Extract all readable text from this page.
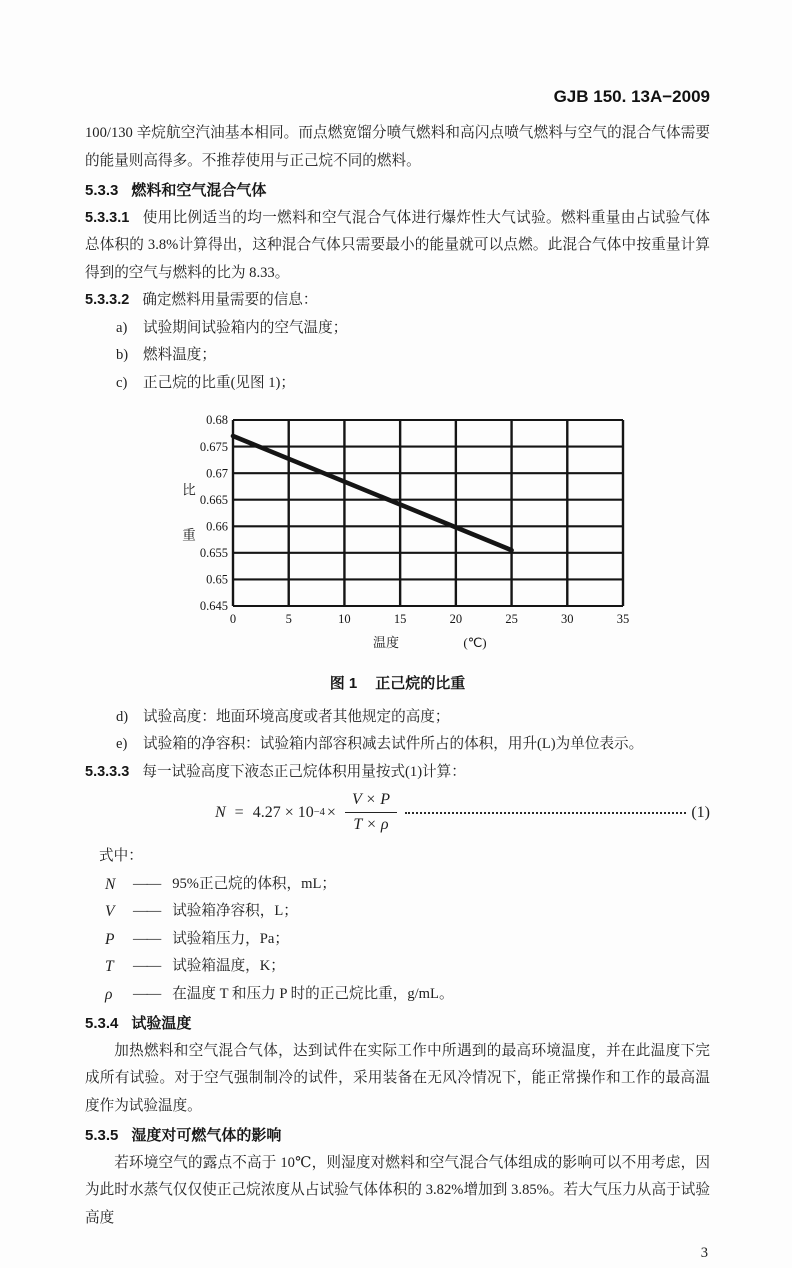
GJB 150. 13A−2009

100/130 辛烷航空汽油基本相同。而点燃宽馏分喷气燃料和高闪点喷气燃料与空气的混合气体需要的能量则高得多。不推荐使用与正己烷不同的燃料。

5.3.3 燃料和空气混合气体

5.3.3.1 使用比例适当的均一燃料和空气混合气体进行爆炸性大气试验。燃料重量由占试验气体总体积的 3.8%计算得出，这种混合气体只需要最小的能量就可以点燃。此混合气体中按重量计算得到的空气与燃料的比为 8.33。

5.3.3.2 确定燃料用量需要的信息：

a)	试验期间试验箱内的空气温度；
b)	燃料温度；
c)	正己烷的比重(见图 1)；
0.645
0.65
0.655
0.66
0.665
0.67
0.675
0.68
0	5	10	15	20	25	30	35
比
重
温度	(℃)
图 1 正己烷的比重
d)	试验高度：地面环境高度或者其他规定的高度；
e)	试验箱的净容积：试验箱内部容积减去试件所占的体积，用升(L)为单位表示。

5.3.3.3 每一试验高度下液态正己烷体积用量按式(1)计算：

$N = 4.27 \times 10 -4 \times \frac{V \times P}{T \times \rho}$	(1)

式中：

N	—— 95%正己烷的体积，mL；
V	—— 试验箱净容积，L；
P	—— 试验箱压力，Pa；
T	—— 试验箱温度，K；
ρ	—— 在温度 T 和压力 P 时的正己烷比重，g/mL。
5.3.4 试验温度

加热燃料和空气混合气体，达到试件在实际工作中所遇到的最高环境温度，并在此温度下完成所有试验。对于空气强制制冷的试件，采用装备在无风冷情况下，能正常操作和工作的最高温度作为试验温度。

5.3.5 湿度对可燃气体的影响

若环境空气的露点不高于 10℃，则湿度对燃料和空气混合气体组成的影响可以不用考虑，因为此时水蒸气仅仅使正己烷浓度从占试验气体体积的 3.82%增加到 3.85%。若大气压力从高于试验高度

3
